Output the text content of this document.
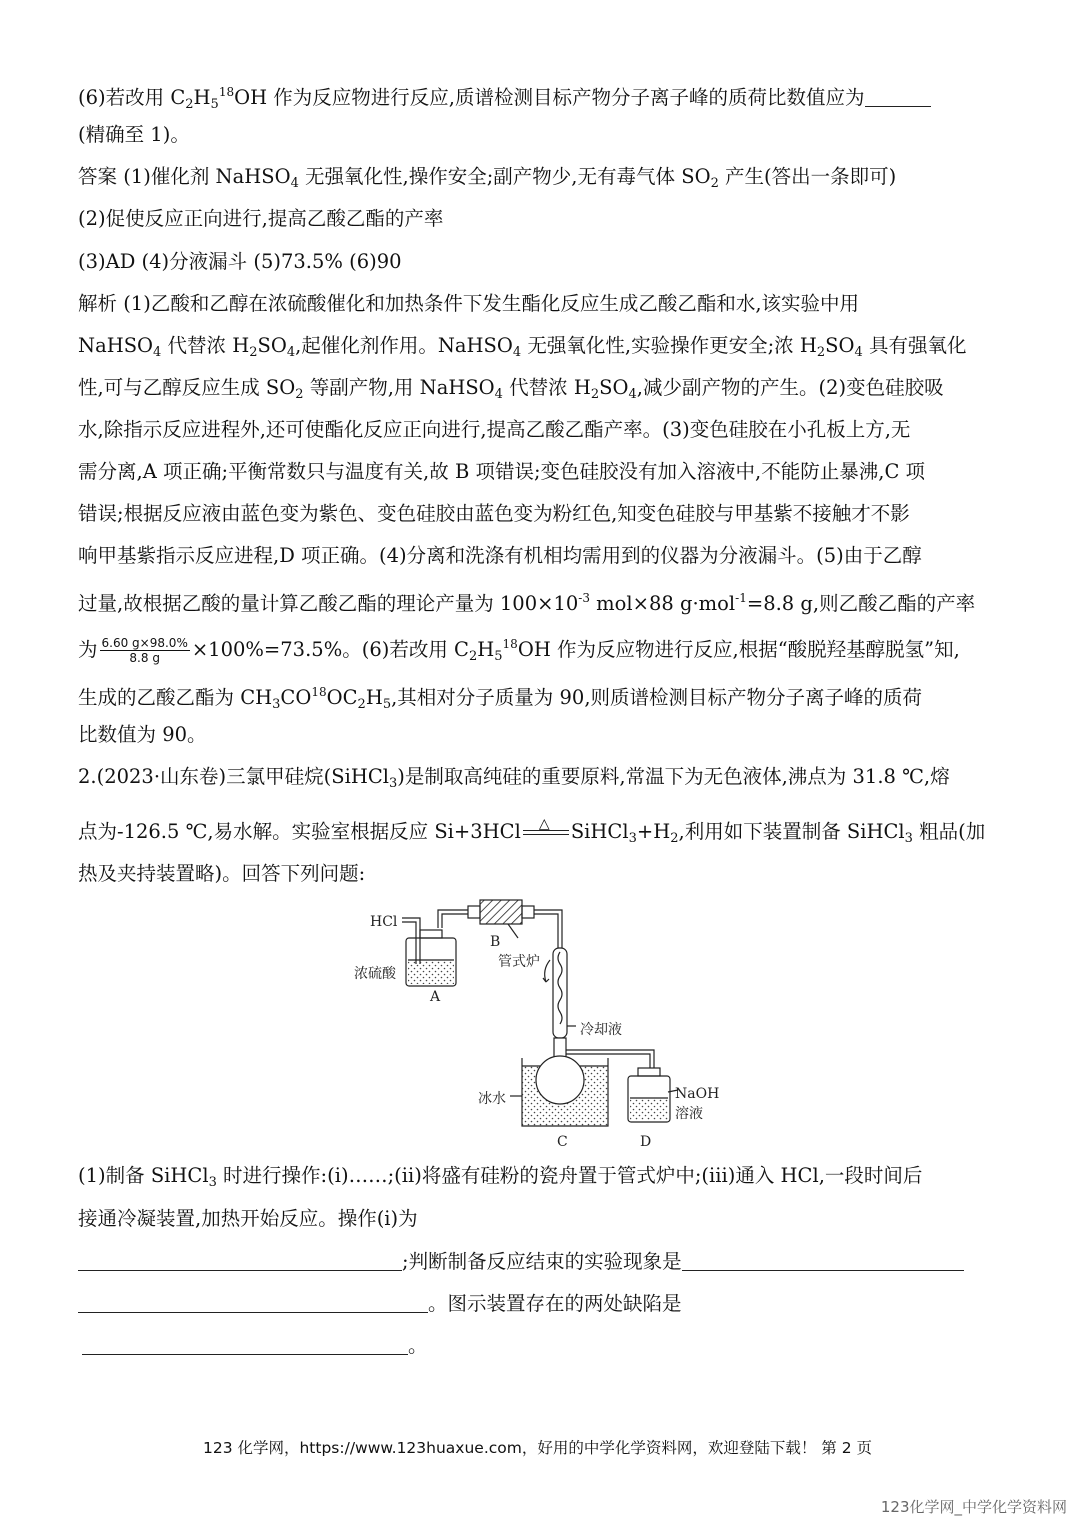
(6)若改用 $C_2H_5^{18}OH$ 作为反应物进行反应,质谱检测目标产物分子离子峰的质荷比数值应为
(精确至 1)。
答案 (1)催化剂 NaHSO$_4$ 无强氧化性,操作安全;副产物少,无有毒气体 $SO_2$ 产生(答出一条即可)
(2)促使反应正向进行,提高乙酸乙酯的产率
(3)AD (4)分液漏斗 (5)73.5% (6)90
解析 (1)乙酸和乙醇在浓硫酸催化和加热条件下发生酯化反应生成乙酸乙酯和水,该实验中用
NaHSO$_4$ 代替浓 $H_2SO_4$,起催化剂作用。NaHSO$_4$ 无强氧化性,实验操作更安全;浓 $H_2SO_4$ 具有强氧化
性,可与乙醇反应生成 $SO_2$ 等副产物,用 NaHSO$_4$ 代替浓 $H_2SO_4$,减少副产物的产生。(2)变色硅胶吸
水,除指示反应进程外,还可使酯化反应正向进行,提高乙酸乙酯产率。(3)变色硅胶在小孔板上方,无
需分离,A 项正确;平衡常数只与温度有关,故 B 项错误;变色硅胶没有加入溶液中,不能防止暴沸,C 项
错误;根据反应液由蓝色变为紫色、变色硅胶由蓝色变为粉红色,知变色硅胶与甲基紫不接触才不影
响甲基紫指示反应进程,D 项正确。(4)分离和洗涤有机相均需用到的仪器为分液漏斗。(5)由于乙醇
过量,故根据乙酸的量计算乙酸乙酯的理论产量为 $100\times 10^{-3}$ mol×88 g·mol$^{-1}$=8.8 g,则乙酸乙酯的产率
为 $\frac{6.60 g\times 98.0\%}{8.8 g} \times 100\%=73.5\%$。(6)若改用 $C_2H_5^{18}OH$ 作为反应物进行反应,根据“酸脱羟基醇脱氢”知,
生成的乙酸乙酯为 $CH_3CO^{18}OC_2H_5$,其相对分子质量为 90,则质谱检测目标产物分子离子峰的质荷
比数值为 90。
2.(2023·山东卷)三氯甲硅烷(SiHCl$_3$)是制取高纯硅的重要原料,常温下为无色液体,沸点为 31.8 ℃,熔
点为-126.5 ℃,易水解。实验室根据反应 Si+3HCl △ $SiHCl_3+H_2$,利用如下装置制备 SiHCl$_3$ 粗品(加
热及夹持装置略)。回答下列问题:
HCl
B
管式炉
浓硫酸
A
冷却液
冰水	NaOH
溶液
C	D
(1)制备 SiHCl$_3$ 时进行操作:(ⅰ)……;(ⅱ)将盛有硅粉的瓷舟置于管式炉中;(iii)通入 HCl,一段时间后
接通冷凝装置,加热开始反应。操作(ⅰ)为
;判断制备反应结束的实验现象是
。图示装置存在的两处缺陷是
。
123 化学网，https://www.123huaxue.com，好用的中学化学资料网，欢迎登陆下载！ 第 2 页
123化学网_中学化学资料网
